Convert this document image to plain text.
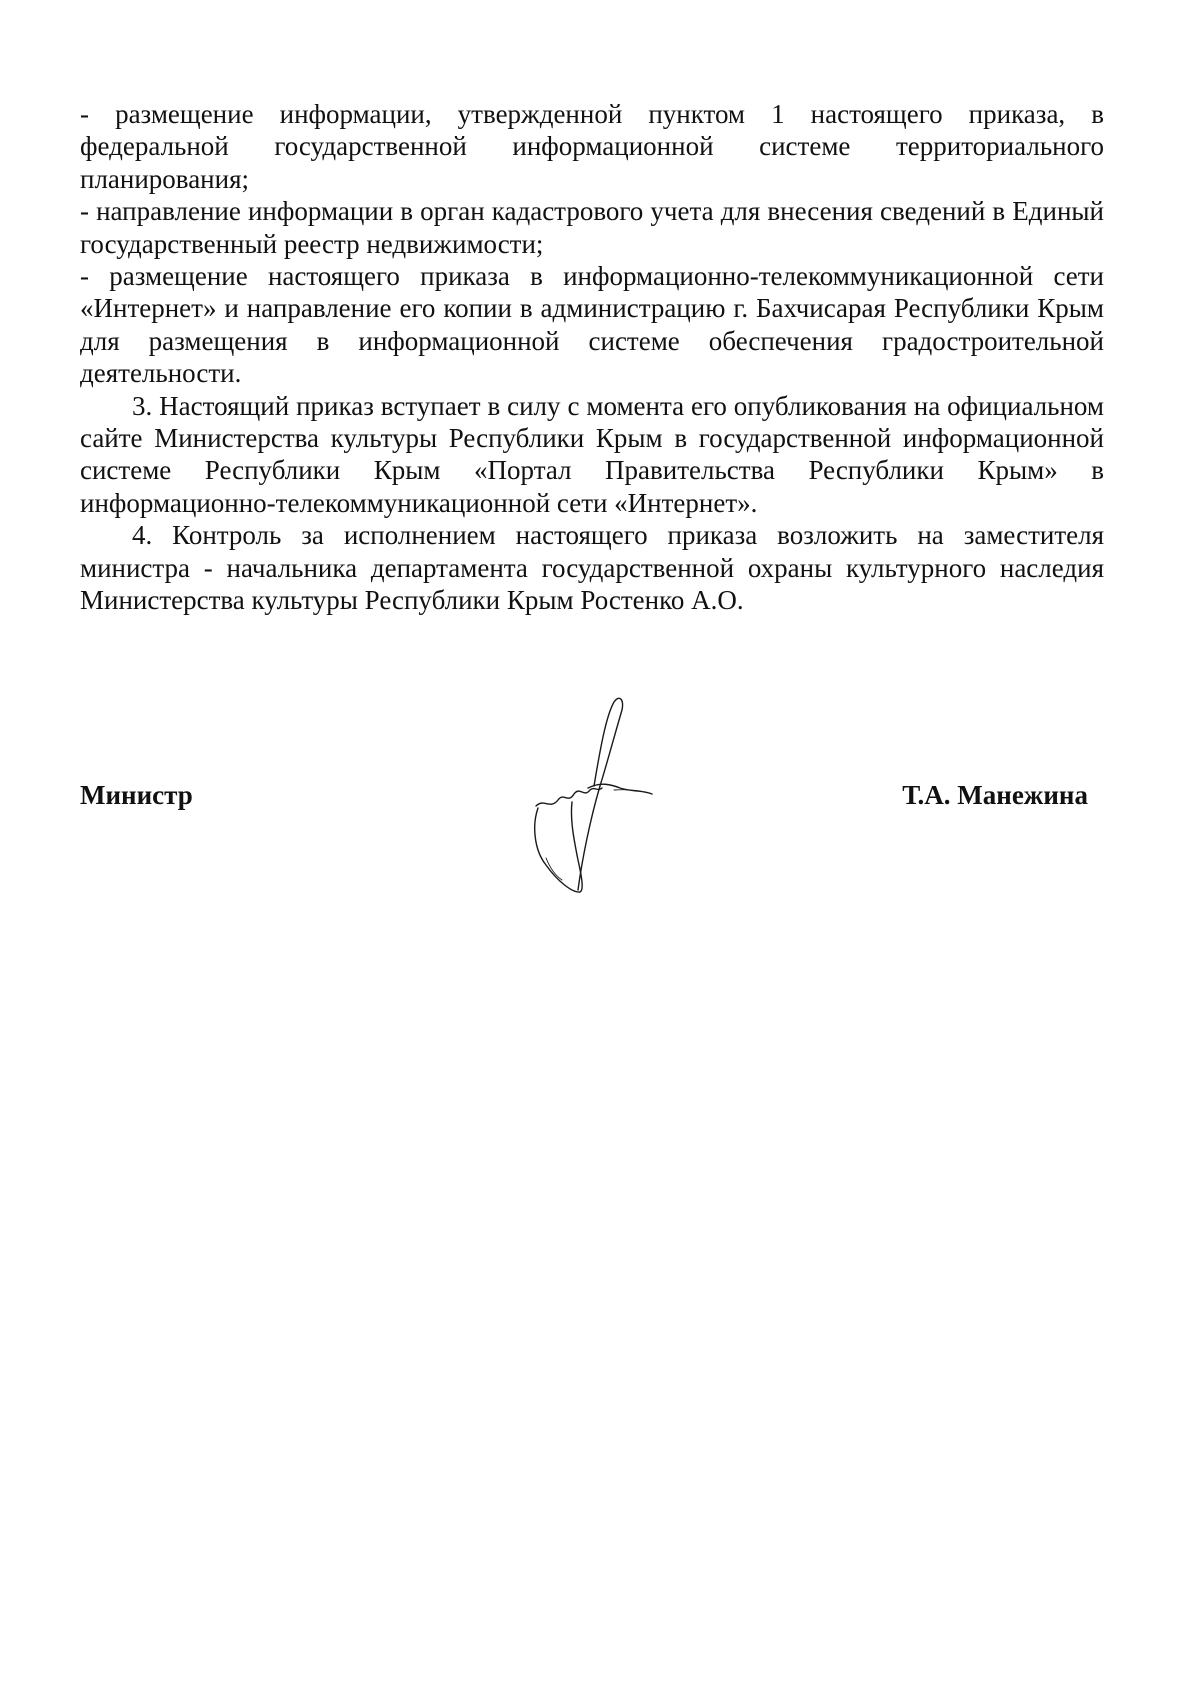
- размещение информации, утвержденной пунктом 1 настоящего приказа, в федеральной государственной информационной системе территориального планирования;

- направление информации в орган кадастрового учета для внесения сведений в Единый государственный реестр недвижимости;

- размещение настоящего приказа в информационно-телекоммуникационной сети «Интернет» и направление его копии в администрацию г. Бахчисарая Республики Крым для размещения в информационной системе обеспечения градостроительной деятельности.

3. Настоящий приказ вступает в силу с момента его опубликования на официальном сайте Министерства культуры Республики Крым в государственной информационной системе Республики Крым «Портал Правительства Республики Крым» в информационно-телекоммуникационной сети «Интернет».

4. Контроль за исполнением настоящего приказа возложить на заместителя министра - начальника департамента государственной охраны культурного наследия Министерства культуры Республики Крым Ростенко А.О.

Министр	Т.А. Манежина
